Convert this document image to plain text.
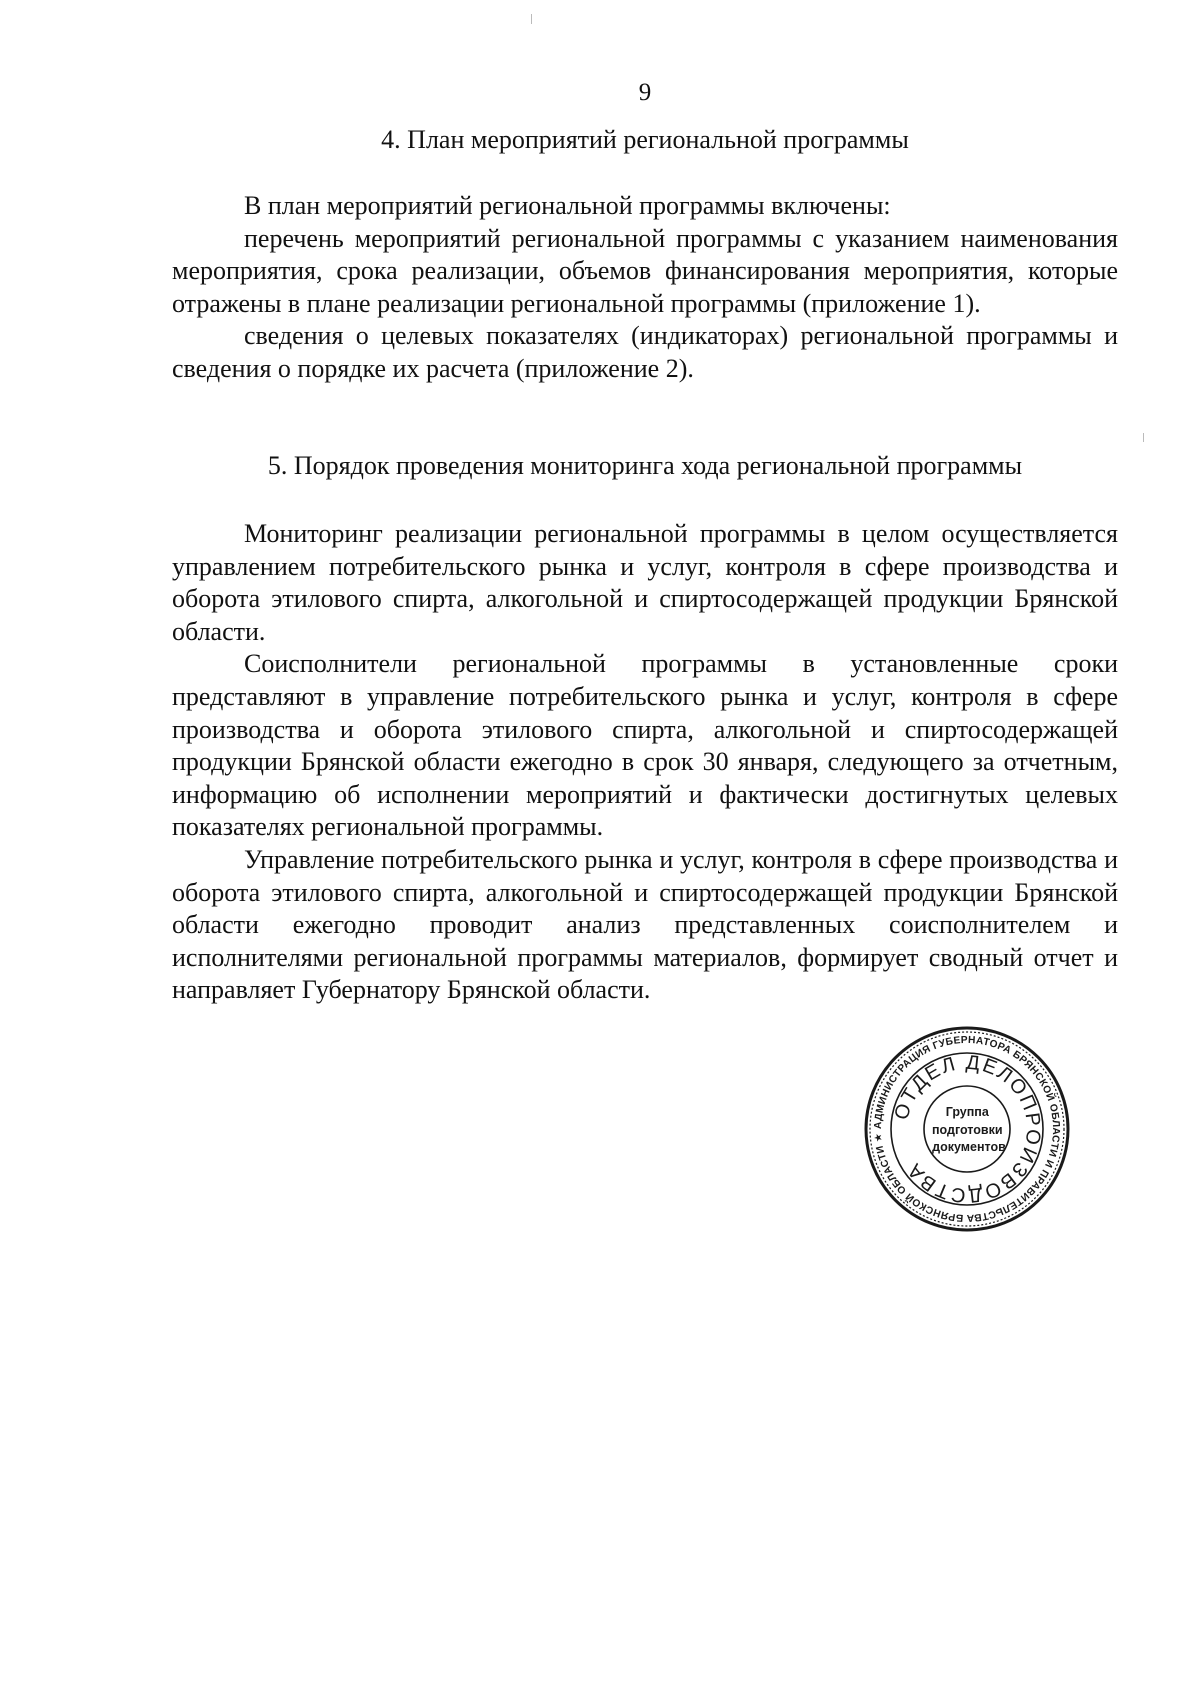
9
4. План мероприятий региональной программы

В план мероприятий региональной программы включены:

перечень мероприятий региональной программы с указанием наименования мероприятия, срока реализации, объемов финансирования мероприятия, которые отражены в плане реализации региональной программы (приложение 1).

сведения о целевых показателях (индикаторах) региональной программы и сведения о порядке их расчета (приложение 2).

5. Порядок проведения мониторинга хода региональной программы

Мониторинг реализации региональной программы в целом осуществляется управлением потребительского рынка и услуг, контроля в сфере производства и оборота этилового спирта, алкогольной и спиртосодержащей продукции Брянской области.

Соисполнители региональной программы в установленные сроки представляют в управление потребительского рынка и услуг, контроля в сфере производства и оборота этилового спирта, алкогольной и спиртосодержащей продукции Брянской области ежегодно в срок 30 января, следующего за отчетным, информацию об исполнении мероприятий и фактически достигнутых целевых показателях региональной программы.

Управление потребительского рынка и услуг, контроля в сфере производства и оборота этилового спирта, алкогольной и спиртосодержащей продукции Брянской области ежегодно проводит анализ представленных соисполнителем и исполнителями региональной программы материалов, формирует сводный отчет и направляет Губернатору Брянской области.

АДМИНИСТРАЦИЯ ГУБЕРНАТОРА БРЯНСКОЙ ОБЛАСТИ И ПРАВИТЕЛЬСТВА БРЯНСКОЙ ОБЛАСТИ ★
ОТДЕЛ ДЕЛОПРОИЗВОДСТВА
Группа подготовки документов
